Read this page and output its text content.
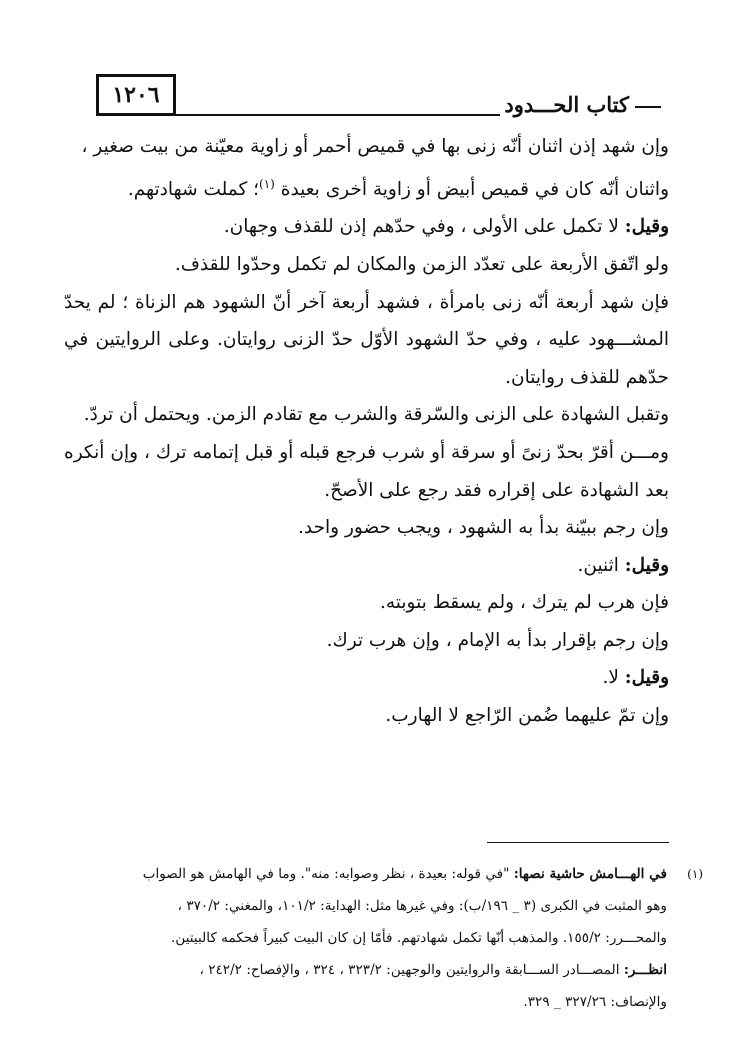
١٢٠٦	كتاب الحـــدود

وإن شهد إذن اثنان أنّه زنى بها في قميص أحمر أو زاوية معيّنة من بيت صغير ،

واثنان أنّه كان في قميص أبيض أو زاوية أخرى بعيدة $^{(١)}$؛ كملت شهادتهم.

وقيل: لا تكمل على الأولى ، وفي حدّهم إذن للقذف وجهان.

ولو اتّفق الأربعة على تعدّد الزمن والمكان لم تكمل وحدّوا للقذف.

فإن شهد أربعة أنّه زنى بامرأة ، فشهد أربعة آخر أنّ الشهود هم الزناة ؛ لم يحدّ المشـــهود عليه ، وفي حدّ الشهود الأوّل حدّ الزنى روايتان. وعلى الروايتين في حدّهم للقذف روايتان.

وتقبل الشهادة على الزنى والسّرقة والشرب مع تقادم الزمن. ويحتمل أن تردّ.

ومـــن أقرّ بحدّ زنىً أو سرقة أو شرب فرجع قبله أو قبل إتمامه ترك ، وإن أنكره بعد الشهادة على إقراره فقد رجع على الأصحّ.

وإن رجم ببيّنة بدأ به الشهود ، ويجب حضور واحد.

وقيل: اثنين.

فإن هرب لم يترك ، ولم يسقط بتوبته.

وإن رجم بإقرار بدأ به الإمام ، وإن هرب ترك.

وقيل: لا.

وإن تمّ عليهما ضُمن الرّاجع لا الهارب.

(١)

في الهـــامش حاشية نصها: "في قوله: بعيدة ، نظر وصوابه: منه". وما في الهامش هو الصواب

وهو المثبت في الكبرى (٣ _ ١٩٦/ب): وفي غيرها مثل: الهداية: ١٠١/٢، والمغني: ٣٧٠/٢ ،

والمحـــرر: ١٥٥/٢. والمذهب أنّها تكمل شهادتهم. فأمّا إن كان البيت كبيراً فحكمه كالبيتين.

انظـــر: المصـــادر الســـابقة والروايتين والوجهين: ٣٢٣/٢ ، ٣٢٤ ، والإفصاح: ٢٤٢/٢ ،

والإنصاف: ٣٢٧/٢٦ _ ٣٢٩.
